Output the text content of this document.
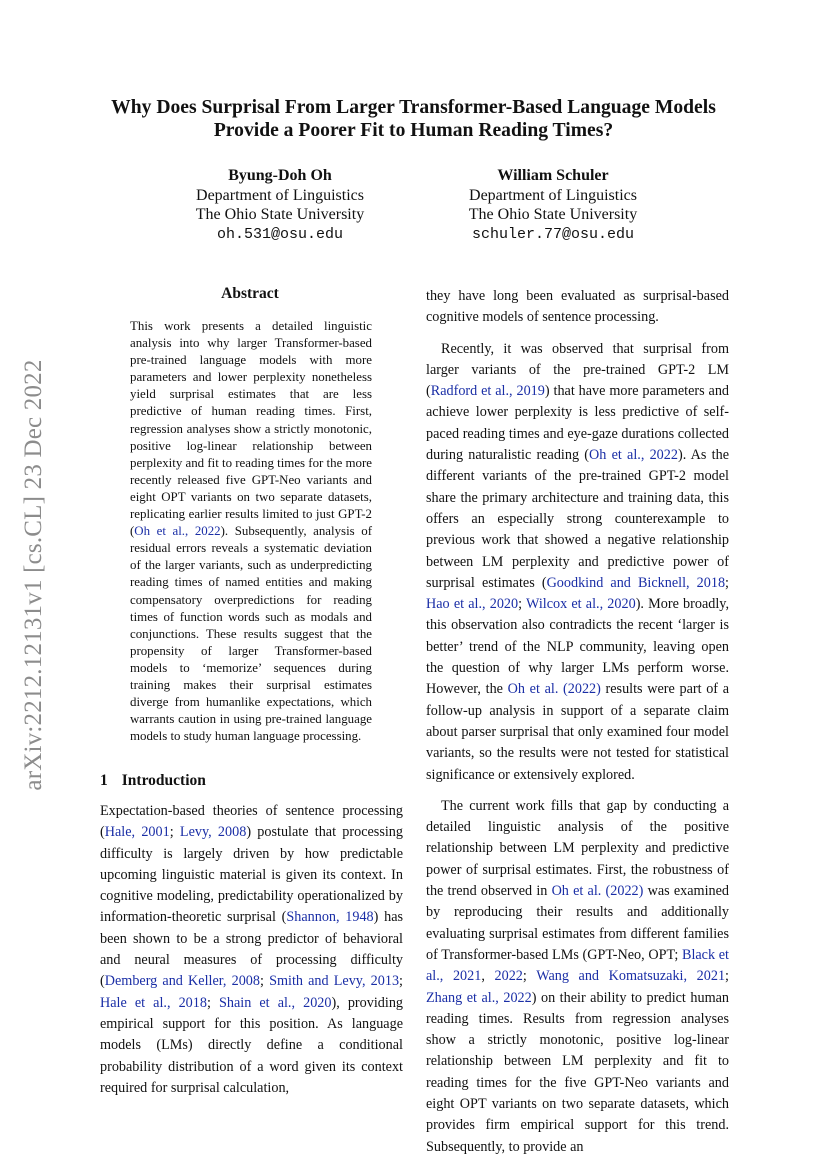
arXiv:2212.12131v1 [cs.CL] 23 Dec 2022
Why Does Surprisal From Larger Transformer-Based Language Models
Provide a Poorer Fit to Human Reading Times?
Byung-Doh Oh
Department of Linguistics
The Ohio State University
oh.531@osu.edu
William Schuler
Department of Linguistics
The Ohio State University
schuler.77@osu.edu
Abstract

This work presents a detailed linguistic analysis into why larger Transformer-based pre-trained language models with more parameters and lower perplexity nonetheless yield surprisal estimates that are less predictive of human reading times. First, regression analyses show a strictly monotonic, positive log-linear relationship between perplexity and fit to reading times for the more recently released five GPT-Neo variants and eight OPT variants on two separate datasets, replicating earlier results limited to just GPT-2 (Oh et al., 2022). Subsequently, analysis of residual errors reveals a systematic deviation of the larger variants, such as underpredicting reading times of named entities and making compensatory overpredictions for reading times of function words such as modals and conjunctions. These results suggest that the propensity of larger Transformer-based models to ‘memorize’ sequences during training makes their surprisal estimates diverge from humanlike expectations, which warrants caution in using pre-trained language models to study human language processing.

1 Introduction

Expectation-based theories of sentence processing (Hale, 2001; Levy, 2008) postulate that processing difficulty is largely driven by how predictable upcoming linguistic material is given its context. In cognitive modeling, predictability operationalized by information-theoretic surprisal (Shannon, 1948) has been shown to be a strong predictor of behavioral and neural measures of processing difficulty (Demberg and Keller, 2008; Smith and Levy, 2013; Hale et al., 2018; Shain et al., 2020), providing empirical support for this position. As language models (LMs) directly define a conditional probability distribution of a word given its context required for surprisal calculation,

they have long been evaluated as surprisal-based cognitive models of sentence processing.

Recently, it was observed that surprisal from larger variants of the pre-trained GPT-2 LM (Radford et al., 2019) that have more parameters and achieve lower perplexity is less predictive of self-paced reading times and eye-gaze durations collected during naturalistic reading (Oh et al., 2022). As the different variants of the pre-trained GPT-2 model share the primary architecture and training data, this offers an especially strong counterexample to previous work that showed a negative relationship between LM perplexity and predictive power of surprisal estimates (Goodkind and Bicknell, 2018; Hao et al., 2020; Wilcox et al., 2020). More broadly, this observation also contradicts the recent ‘larger is better’ trend of the NLP community, leaving open the question of why larger LMs perform worse. However, the Oh et al. (2022) results were part of a follow-up analysis in support of a separate claim about parser surprisal that only examined four model variants, so the results were not tested for statistical significance or extensively explored.

The current work fills that gap by conducting a detailed linguistic analysis of the positive relationship between LM perplexity and predictive power of surprisal estimates. First, the robustness of the trend observed in Oh et al. (2022) was examined by reproducing their results and additionally evaluating surprisal estimates from different families of Transformer-based LMs (GPT-Neo, OPT; Black et al., 2021, 2022; Wang and Komatsuzaki, 2021; Zhang et al., 2022) on their ability to predict human reading times. Results from regression analyses show a strictly monotonic, positive log-linear relationship between LM perplexity and fit to reading times for the five GPT-Neo variants and eight OPT variants on two separate datasets, which provides firm empirical support for this trend. Subsequently, to provide an
